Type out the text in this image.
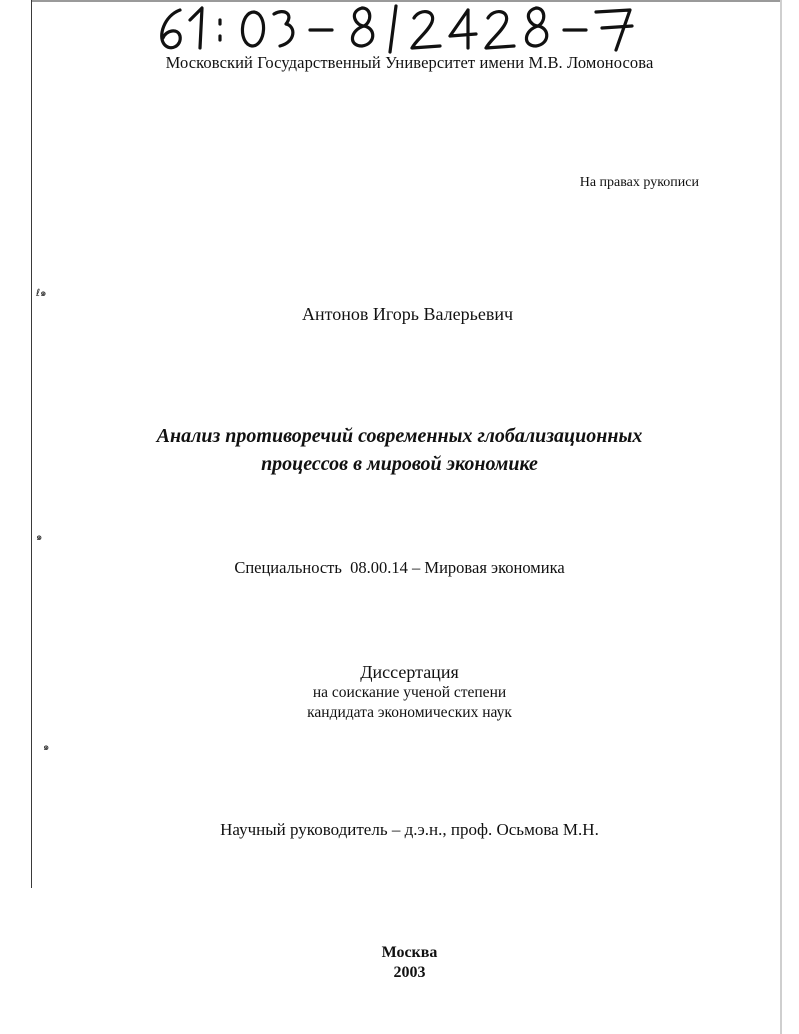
Московский Государственный Университет имени М.В. Ломоносова
На правах рукописи
ℓ๑
๑
๑
Антонов Игорь Валерьевич
Анализ противоречий современных глобализационных
процессов в мировой экономике
Специальность 08.00.14 – Мировая экономика
Диссертация
на соискание ученой степени
кандидата экономических наук
Научный руководитель – д.э.н., проф. Осьмова М.Н.
Москва
2003
